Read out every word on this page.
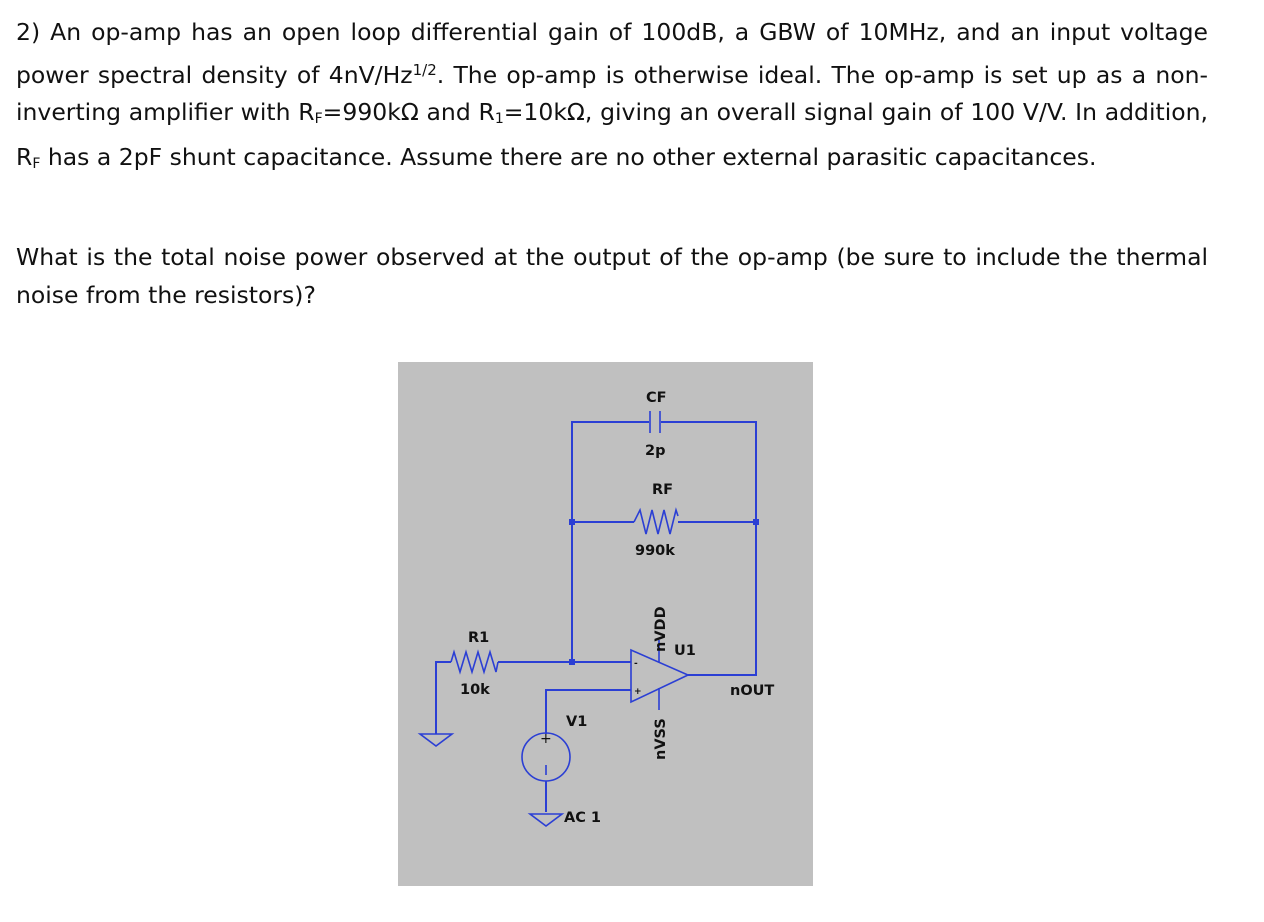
2) An op-amp has an open loop differential gain of 100dB, a GBW of 10MHz, and an input voltage power spectral density of $4nV/Hz^{1/2}$. The op-amp is otherwise ideal. The op-amp is set up as a non-inverting amplifier with $R_F=990k\Omega$ and $R_1=10k\Omega$, giving an overall signal gain of 100 V/V. In addition, $R_F$ has a 2pF shunt capacitance. Assume there are no other external parasitic capacitances.

What is the total noise power observed at the output of the op-amp (be sure to include the thermal noise from the resistors)?

+
+
-
CF
2p
RF
990k
R1
10k
V1
AC 1
U1
nOUT
nVDD
nVSS
